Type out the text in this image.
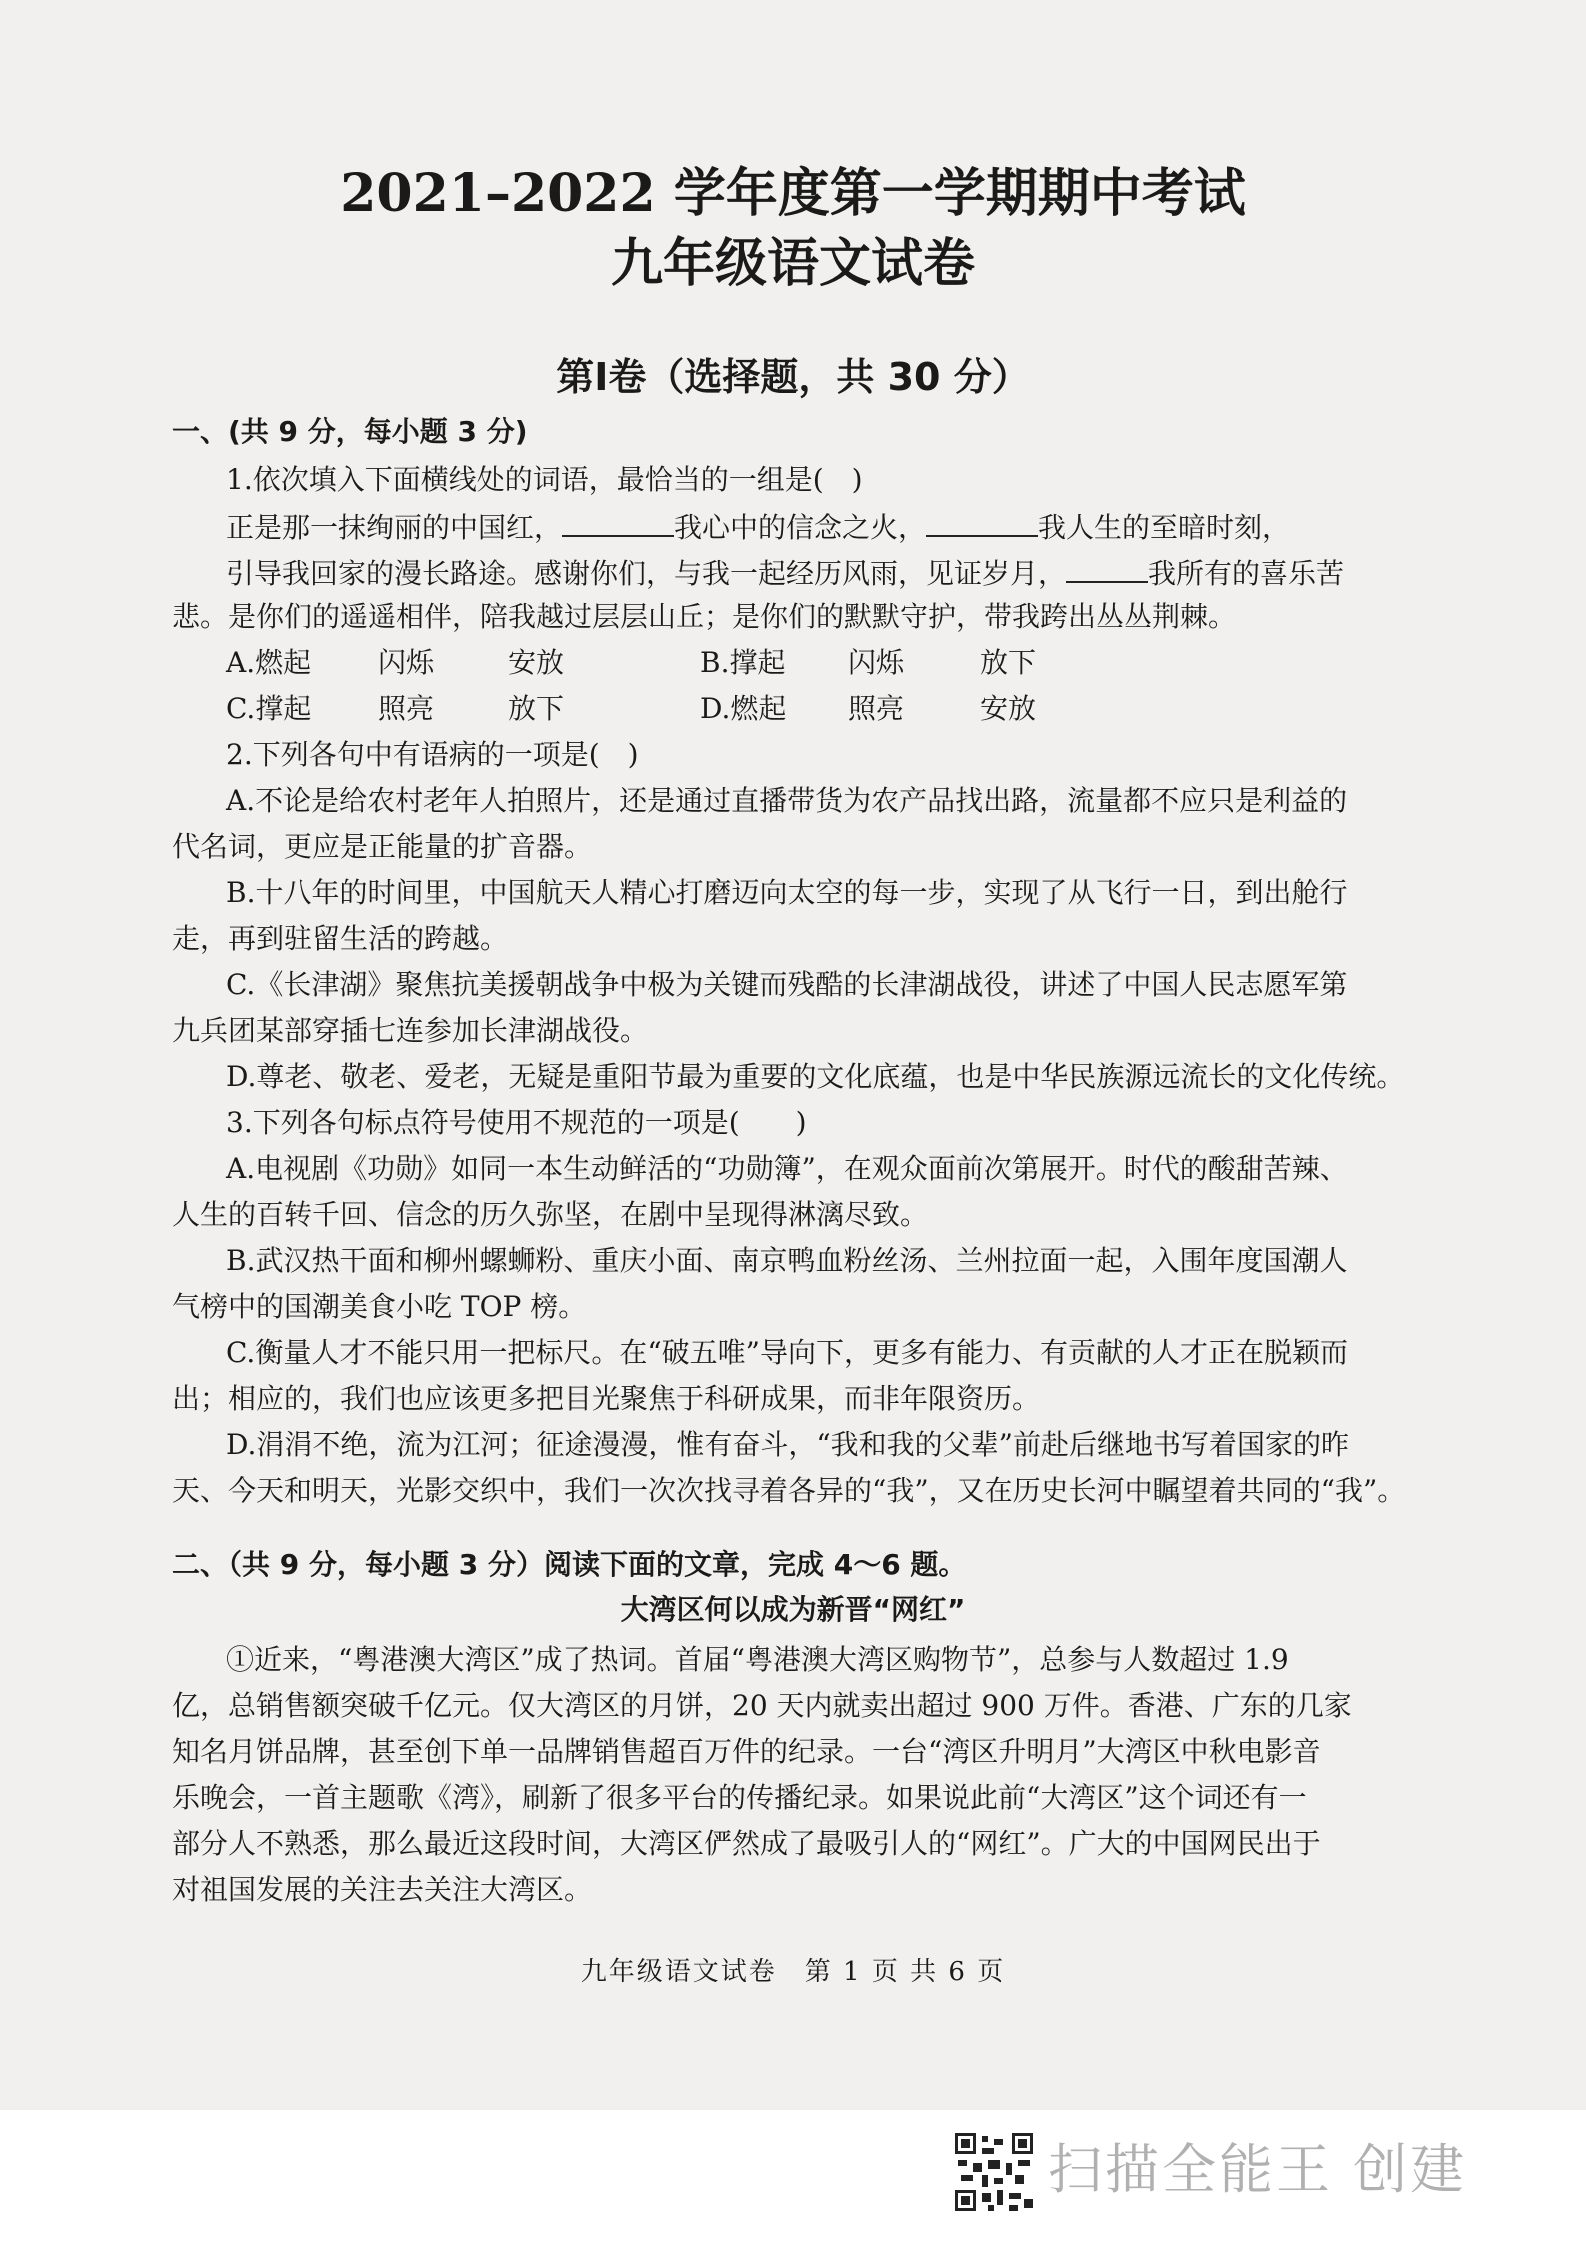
2021–2022 学年度第一学期期中考试
九年级语文试卷
第Ⅰ卷（选择题，共 30 分）
一、(共 9 分，每小题 3 分)
1.依次填入下面横线处的词语，最恰当的一组是(　)
正是那一抹绚丽的中国红，	我心中的信念之火，	我人生的至暗时刻，
引导我回家的漫长路途。感谢你们，与我一起经历风雨，见证岁月，	我所有的喜乐苦
悲。是你们的遥遥相伴，陪我越过层层山丘；是你们的默默守护，带我跨出丛丛荆棘。
A.燃起 闪烁	安放	B.撑起 闪烁	放下
C.撑起 照亮	放下	D.燃起 照亮	安放
2.下列各句中有语病的一项是(　)
A.不论是给农村老年人拍照片，还是通过直播带货为农产品找出路，流量都不应只是利益的
代名词，更应是正能量的扩音器。
B.十八年的时间里，中国航天人精心打磨迈向太空的每一步，实现了从飞行一日，到出舱行
走，再到驻留生活的跨越。
C.《长津湖》聚焦抗美援朝战争中极为关键而残酷的长津湖战役，讲述了中国人民志愿军第
九兵团某部穿插七连参加长津湖战役。
D.尊老、敬老、爱老，无疑是重阳节最为重要的文化底蕴，也是中华民族源远流长的文化传统。
3.下列各句标点符号使用不规范的一项是(　　)
A.电视剧《功勋》如同一本生动鲜活的“功勋簿”，在观众面前次第展开。时代的酸甜苦辣、
人生的百转千回、信念的历久弥坚，在剧中呈现得淋漓尽致。
B.武汉热干面和柳州螺蛳粉、重庆小面、南京鸭血粉丝汤、兰州拉面一起，入围年度国潮人
气榜中的国潮美食小吃 TOP 榜。
C.衡量人才不能只用一把标尺。在“破五唯”导向下，更多有能力、有贡献的人才正在脱颖而
出；相应的，我们也应该更多把目光聚焦于科研成果，而非年限资历。
D.涓涓不绝，流为江河；征途漫漫，惟有奋斗，“我和我的父辈”前赴后继地书写着国家的昨
天、今天和明天，光影交织中，我们一次次找寻着各异的“我”，又在历史长河中瞩望着共同的“我”。
二、（共 9 分，每小题 3 分）阅读下面的文章，完成 4～6 题。
大湾区何以成为新晋“网红”
①近来，“粤港澳大湾区”成了热词。首届“粤港澳大湾区购物节”，总参与人数超过 1.9
亿，总销售额突破千亿元。仅大湾区的月饼，20 天内就卖出超过 900 万件。香港、广东的几家
知名月饼品牌，甚至创下单一品牌销售超百万件的纪录。一台“湾区升明月”大湾区中秋电影音
乐晚会，一首主题歌《湾》，刷新了很多平台的传播纪录。如果说此前“大湾区”这个词还有一
部分人不熟悉，那么最近这段时间，大湾区俨然成了最吸引人的“网红”。广大的中国网民出于
对祖国发展的关注去关注大湾区。
九年级语文试卷　第 1 页 共 6 页
扫描全能王 创建
